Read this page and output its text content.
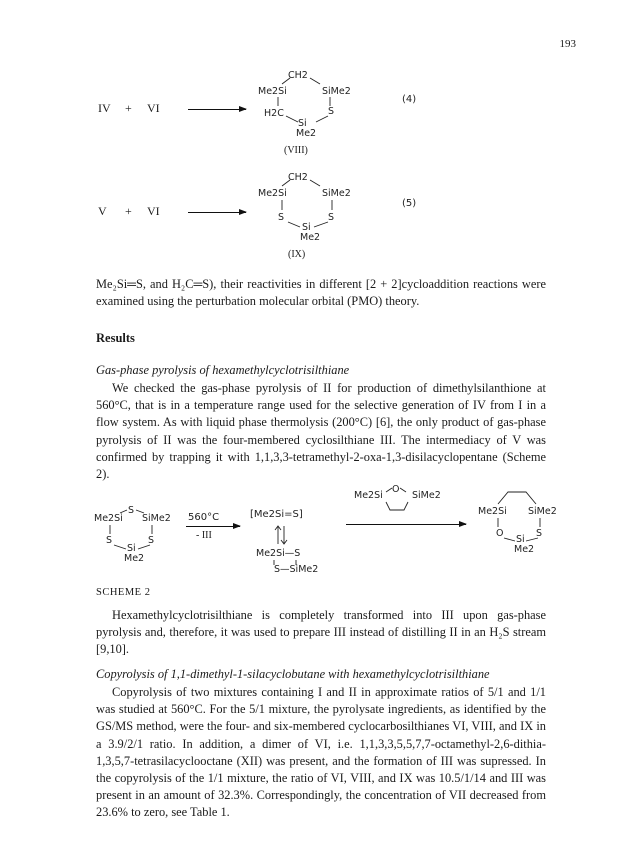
193
IV + VI
CH2
Me2Si	SiMe2
H2C	S
Si
Me2
(4)
(VIII)
V + VI
CH2
Me2Si	SiMe2
S	S
Si
Me2
(5)
(IX)

Me₂Si═S, and H₂C═S), their reactivities in different [2 + 2]cycloaddition reactions were examined using the perturbation molecular orbital (PMO) theory.

Results
Gas-phase pyrolysis of hexamethylcyclotrisilthiane

We checked the gas-phase pyrolysis of II for production of dimethylsilanthione at 560°C, that is in a temperature range used for the selective generation of IV from I in a flow system. As with liquid phase thermolysis (200°C) [6], the only product of gas-phase pyrolysis of II was the four-membered cyclosilthiane III. The intermediacy of V was confirmed by trapping it with 1,1,3,3-tetramethyl-2-oxa-1,3-disilacyclopentane (Scheme 2).

S
Me2Si SiMe2
S	S
Si
Me2
560°C
- III
[Me2Si=S]
Me2Si—S
S—SiMe2
Me2Si
O
SiMe2
Me2Si SiMe2
O	S
Si
Me2
SCHEME 2

Hexamethylcyclotrisilthiane is completely transformed into III upon gas-phase pyrolysis and, therefore, it was used to prepare III instead of distilling II in an H₂S stream [9,10].

Copyrolysis of 1,1-dimethyl-1-silacyclobutane with hexamethylcyclotrisilthiane

Copyrolysis of two mixtures containing I and II in approximate ratios of 5/1 and 1/1 was studied at 560°C. For the 5/1 mixture, the pyrolysate ingredients, as identified by the GS/MS method, were the four- and six-membered cyclocarbosilthianes VI, VIII, and IX in a 3.9/2/1 ratio. In addition, a dimer of VI, i.e. 1,1,3,3,5,5,7,7-octamethyl-2,6-dithia-1,3,5,7-tetrasilacyclooctane (XII) was present, and the formation of III was supressed. In the copyrolysis of the 1/1 mixture, the ratio of VI, VIII, and IX was 10.5/1/14 and III was present in an amount of 32.3%. Correspondingly, the concentration of VII decreased from 23.6% to zero, see Table 1.
